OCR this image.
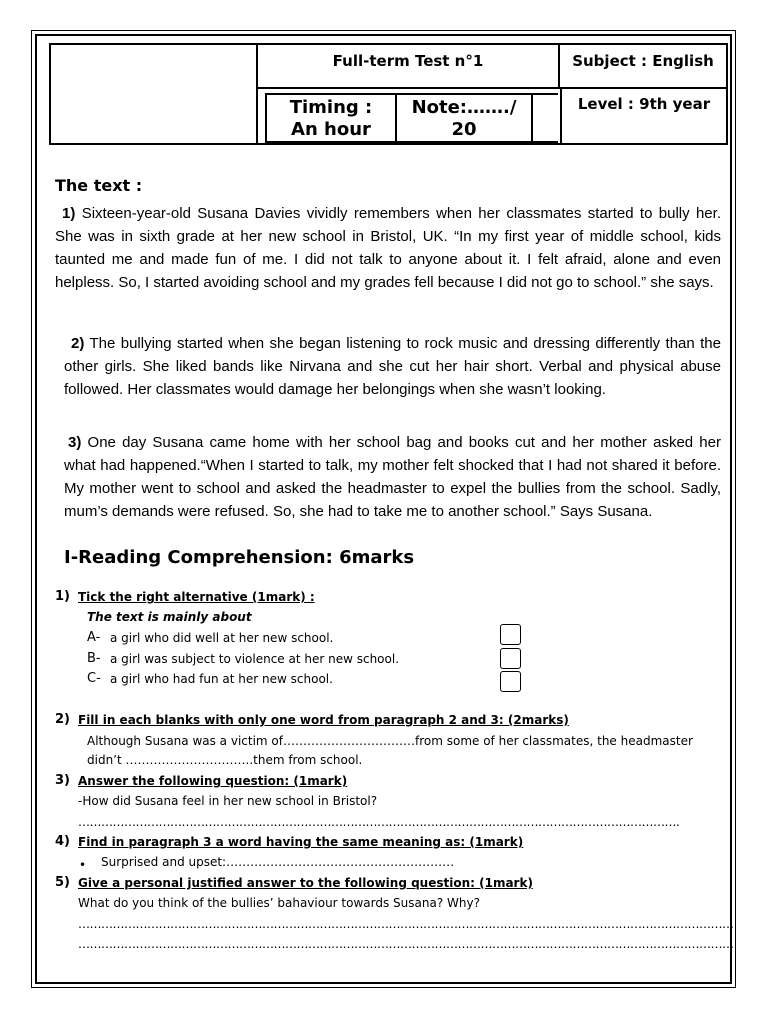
Full-term Test n°1	Subject : English
Timing :
An hour
Note:……./
20
Level : 9th year
The text :
1) Sixteen-year-old Susana Davies vividly remembers when her classmates started to bully her. She was in sixth grade at her new school in Bristol, UK. “In my first year of middle school, kids taunted me and made fun of me. I did not talk to anyone about it. I felt afraid, alone and even helpless. So, I started avoiding school and my grades fell because I did not go to school.” she says.
2) The bullying started when she began listening to rock music and dressing differently than the other girls. She liked bands like Nirvana and she cut her hair short. Verbal and physical abuse followed. Her classmates would damage her belongings when she wasn’t looking.
3) One day Susana came home with her school bag and books cut and her mother asked her what had happened.“When I started to talk, my mother felt shocked that I had not shared it before. My mother went to school and asked the headmaster to expel the bullies from the school. Sadly, mum’s demands were refused. So, she had to take me to another school.” Says Susana.
I-Reading Comprehension: 6marks
1) Tick the right alternative (1mark) :
The text is mainly about
A- a girl who did well at her new school.
B- a girl was subject to violence at her new school.
C- a girl who had fun at her new school.
2) Fill in each blanks with only one word from paragraph 2 and 3: (2marks)
Although Susana was a victim of……………………………from some of her classmates, the headmaster
didn’t …………………………..them from school.
3) Answer the following question: (1mark)
-How did Susana feel in her new school in Bristol?
………………………………………………………………………………………………………………………………………….
4) Find in paragraph 3 a word having the same meaning as: (1mark)
• Surprised and upset:…………………………………………………
5) Give a personal justified answer to the following question: (1mark)
What do you think of the bullies’ bahaviour towards Susana? Why?
………………………………………………………………………………………………………………………………………………………
………………………………………………………………………………………………………………………………………………………
